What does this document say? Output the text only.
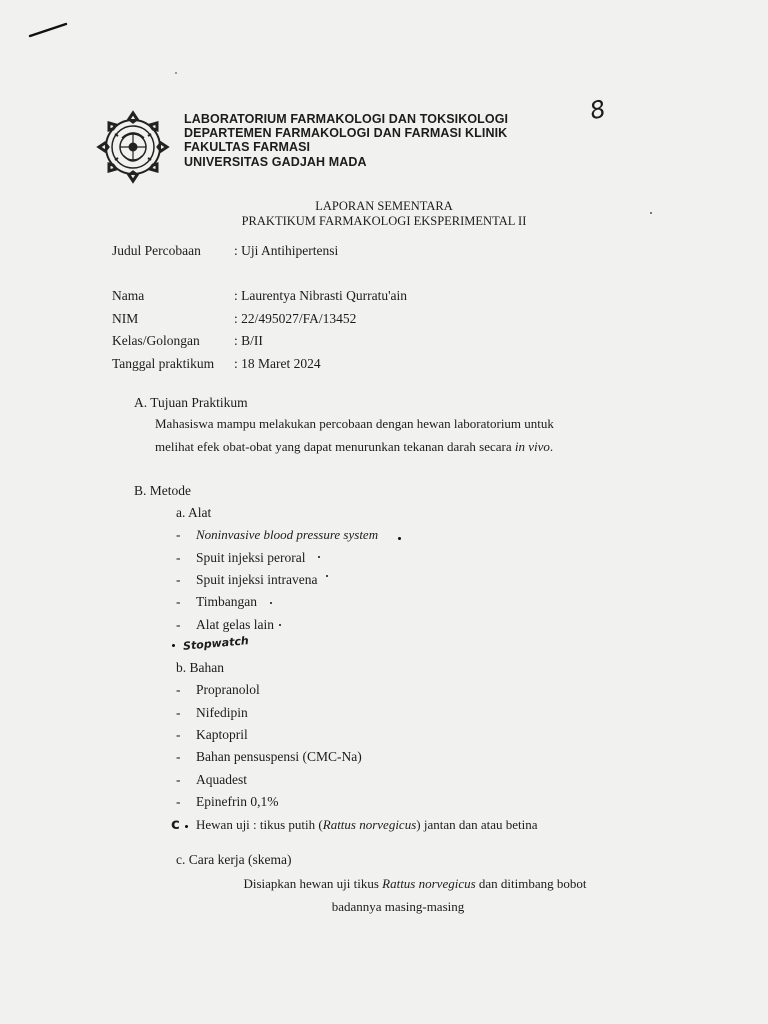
LABORATORIUM FARMAKOLOGI DAN TOKSIKOLOGI
DEPARTEMEN FARMAKOLOGI DAN FARMASI KLINIK
FAKULTAS FARMASI
UNIVERSITAS GADJAH MADA
8
LAPORAN SEMENTARA
PRAKTIKUM FARMAKOLOGI EKSPERIMENTAL II
Judul Percobaan : Uji Antihipertensi
Nama	: Laurentya Nibrasti Qurratu'ain
NIM	: 22/495027/FA/13452
Kelas/Golongan	: B/II
Tanggal praktikum : 18 Maret 2024
A. Tujuan Praktikum
Mahasiswa mampu melakukan percobaan dengan hewan laboratorium untuk
melihat efek obat-obat yang dapat menurunkan tekanan darah secara in vivo.
B. Metode
a. Alat
- Noninvasive blood pressure system
- Spuit injeksi peroral
- Spuit injeksi intravena
- Timbangan
- Alat gelas lain
Stopwatch
b. Bahan
- Propranolol
- Nifedipin
- Kaptopril
- Bahan pensuspensi (CMC-Na)
- Aquadest
- Epinefrin 0,1%
c Hewan uji : tikus putih (Rattus norvegicus) jantan dan atau betina
c. Cara kerja (skema)
Disiapkan hewan uji tikus Rattus norvegicus dan ditimbang bobot
badannya masing-masing
